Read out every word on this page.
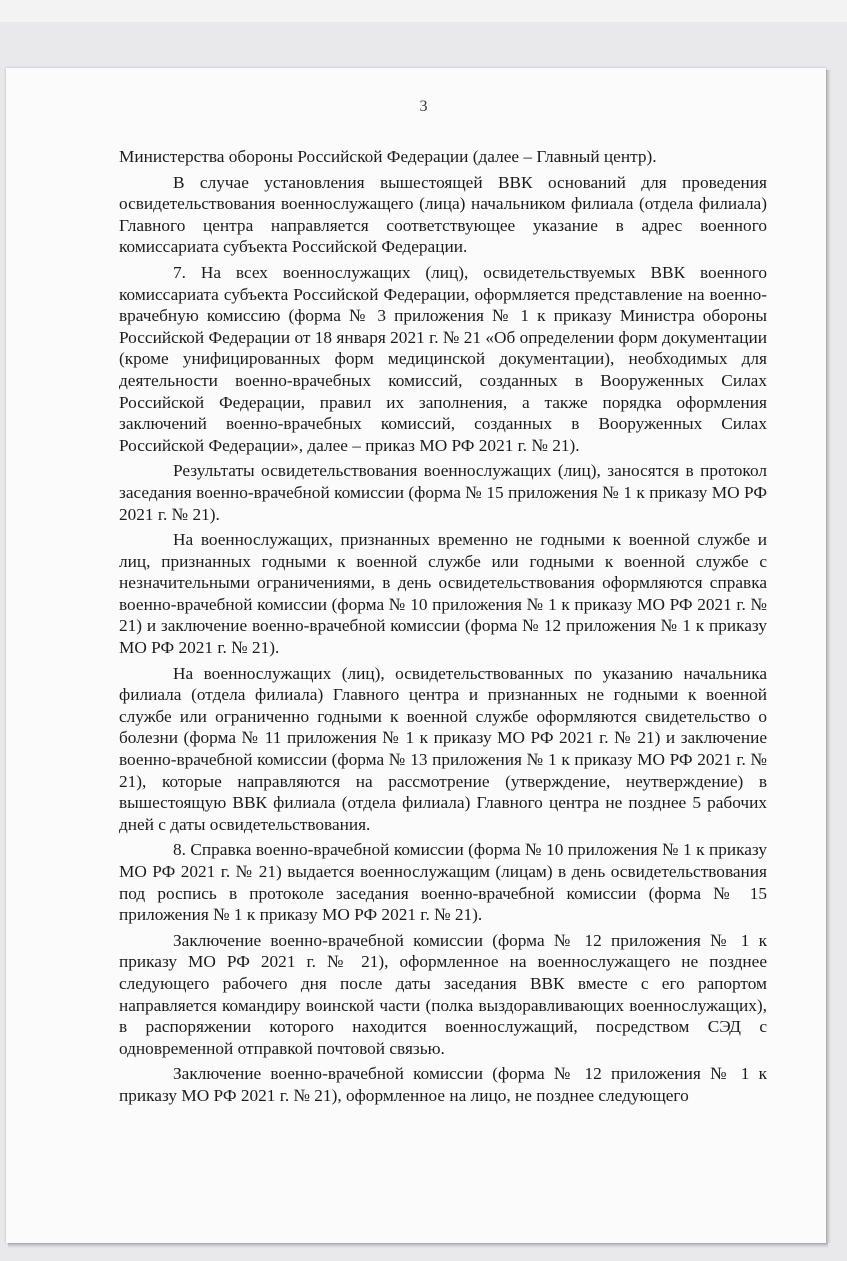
3

Министерства обороны Российской Федерации (далее – Главный центр).

В случае установления вышестоящей ВВК оснований для проведения освидетельствования военнослужащего (лица) начальником филиала (отдела филиала) Главного центра направляется соответствующее указание в адрес военного комиссариата субъекта Российской Федерации.

7. На всех военнослужащих (лиц), освидетельствуемых ВВК военного комиссариата субъекта Российской Федерации, оформляется представление на военно-врачебную комиссию (форма № 3 приложения № 1 к приказу Министра обороны Российской Федерации от 18 января 2021 г. № 21 «Об определении форм документации (кроме унифицированных форм медицинской документации), необходимых для деятельности военно-врачебных комиссий, созданных в Вооруженных Силах Российской Федерации, правил их заполнения, а также порядка оформления заключений военно-врачебных комиссий, созданных в Вооруженных Силах Российской Федерации», далее – приказ МО РФ 2021 г. № 21).

Результаты освидетельствования военнослужащих (лиц), заносятся в протокол заседания военно-врачебной комиссии (форма № 15 приложения № 1 к приказу МО РФ 2021 г. № 21).

На военнослужащих, признанных временно не годными к военной службе и лиц, признанных годными к военной службе или годными к военной службе с незначительными ограничениями, в день освидетельствования оформляются справка военно-врачебной комиссии (форма № 10 приложения № 1 к приказу МО РФ 2021 г. № 21) и заключение военно-врачебной комиссии (форма № 12 приложения № 1 к приказу МО РФ 2021 г. № 21).

На военнослужащих (лиц), освидетельствованных по указанию начальника филиала (отдела филиала) Главного центра и признанных не годными к военной службе или ограниченно годными к военной службе оформляются свидетельство о болезни (форма № 11 приложения № 1 к приказу МО РФ 2021 г. № 21) и заключение военно-врачебной комиссии (форма № 13 приложения № 1 к приказу МО РФ 2021 г. № 21), которые направляются на рассмотрение (утверждение, неутверждение) в вышестоящую ВВК филиала (отдела филиала) Главного центра не позднее 5 рабочих дней с даты освидетельствования.

8. Справка военно-врачебной комиссии (форма № 10 приложения № 1 к приказу МО РФ 2021 г. № 21) выдается военнослужащим (лицам) в день освидетельствования под роспись в протоколе заседания военно-врачебной комиссии (форма № 15 приложения № 1 к приказу МО РФ 2021 г. № 21).

Заключение военно-врачебной комиссии (форма № 12 приложения № 1 к приказу МО РФ 2021 г. № 21), оформленное на военнослужащего не позднее следующего рабочего дня после даты заседания ВВК вместе с его рапортом направляется командиру воинской части (полка выздоравливающих военнослужащих), в распоряжении которого находится военнослужащий, посредством СЭД с одновременной отправкой почтовой связью.

Заключение военно-врачебной комиссии (форма № 12 приложения № 1 к приказу МО РФ 2021 г. № 21), оформленное на лицо, не позднее следующего
